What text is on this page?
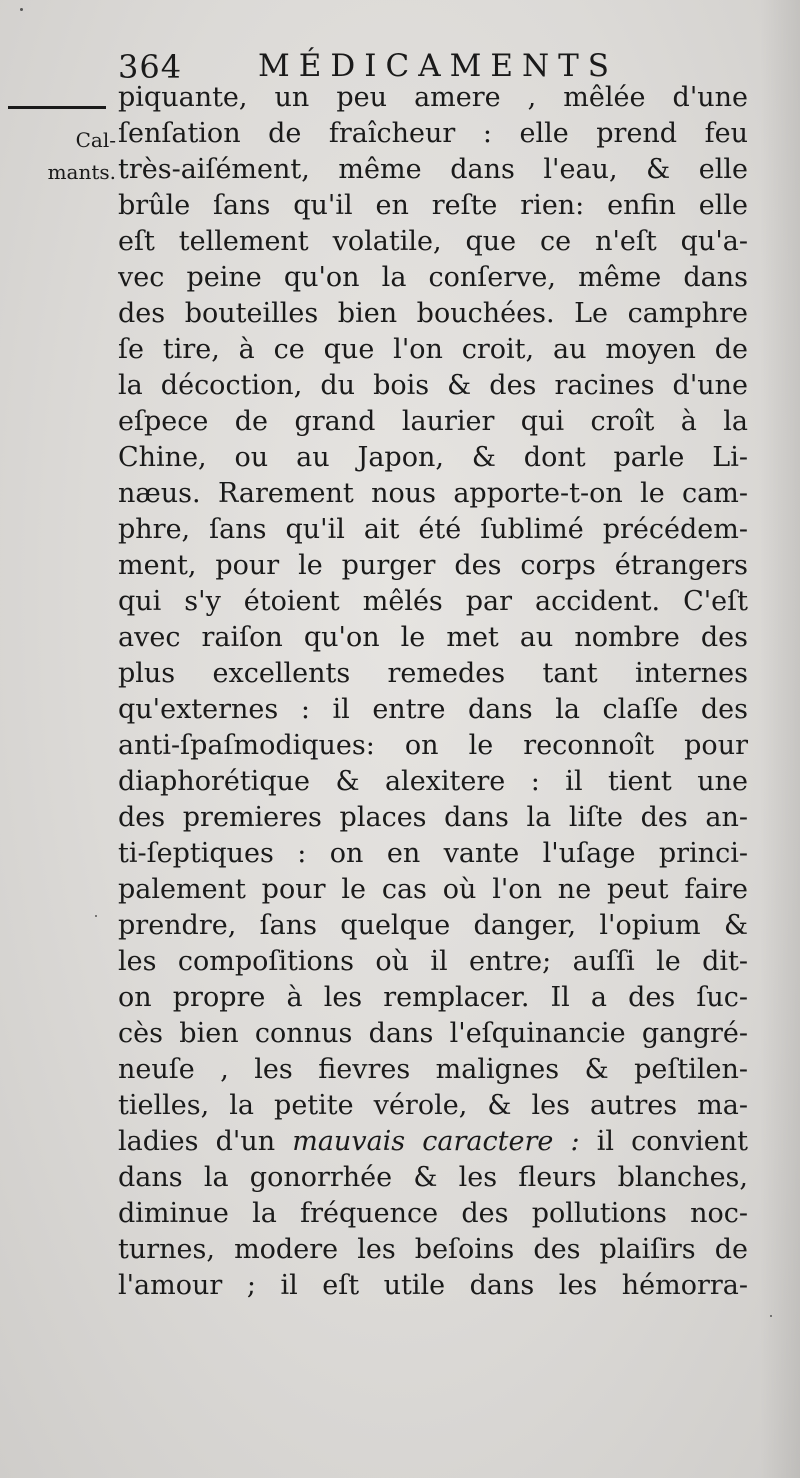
364 MÉDICAMENTS
Cal-
mants.
piquante, un peu amere , mêlée d'une
ſenſation de fraîcheur : elle prend feu
très-aiſément, même dans l'eau, & elle
brûle ſans qu'il en reſte rien: enfin elle
eſt tellement volatile, que ce n'eſt qu'a-
vec peine qu'on la conſerve, même dans
des bouteilles bien bouchées. Le camphre
ſe tire, à ce que l'on croit, au moyen de
la décoction, du bois & des racines d'une
eſpece de grand laurier qui croît à la
Chine, ou au Japon, & dont parle Li-
næus. Rarement nous apporte-t-on le cam-
phre, ſans qu'il ait été ſublimé précédem-
ment, pour le purger des corps étrangers
qui s'y étoient mêlés par accident. C'eſt
avec raiſon qu'on le met au nombre des
plus excellents remedes tant internes
qu'externes : il entre dans la claſſe des
anti-ſpaſmodiques: on le reconnoît pour
diaphorétique & alexitere : il tient une
des premieres places dans la liſte des an-
ti-ſeptiques : on en vante l'uſage princi-
palement pour le cas où l'on ne peut faire
prendre, ſans quelque danger, l'opium &
les compoſitions où il entre; auſſi le dit-
on propre à les remplacer. Il a des ſuc-
cès bien connus dans l'eſquinancie gangré-
neuſe , les fievres malignes & peſtilen-
tielles, la petite vérole, & les autres ma-
ladies d'un mauvais caractere : il convient
dans la gonorrhée & les fleurs blanches,
diminue la fréquence des pollutions noc-
turnes, modere les beſoins des plaiſirs de
l'amour ; il eſt utile dans les hémorra-
